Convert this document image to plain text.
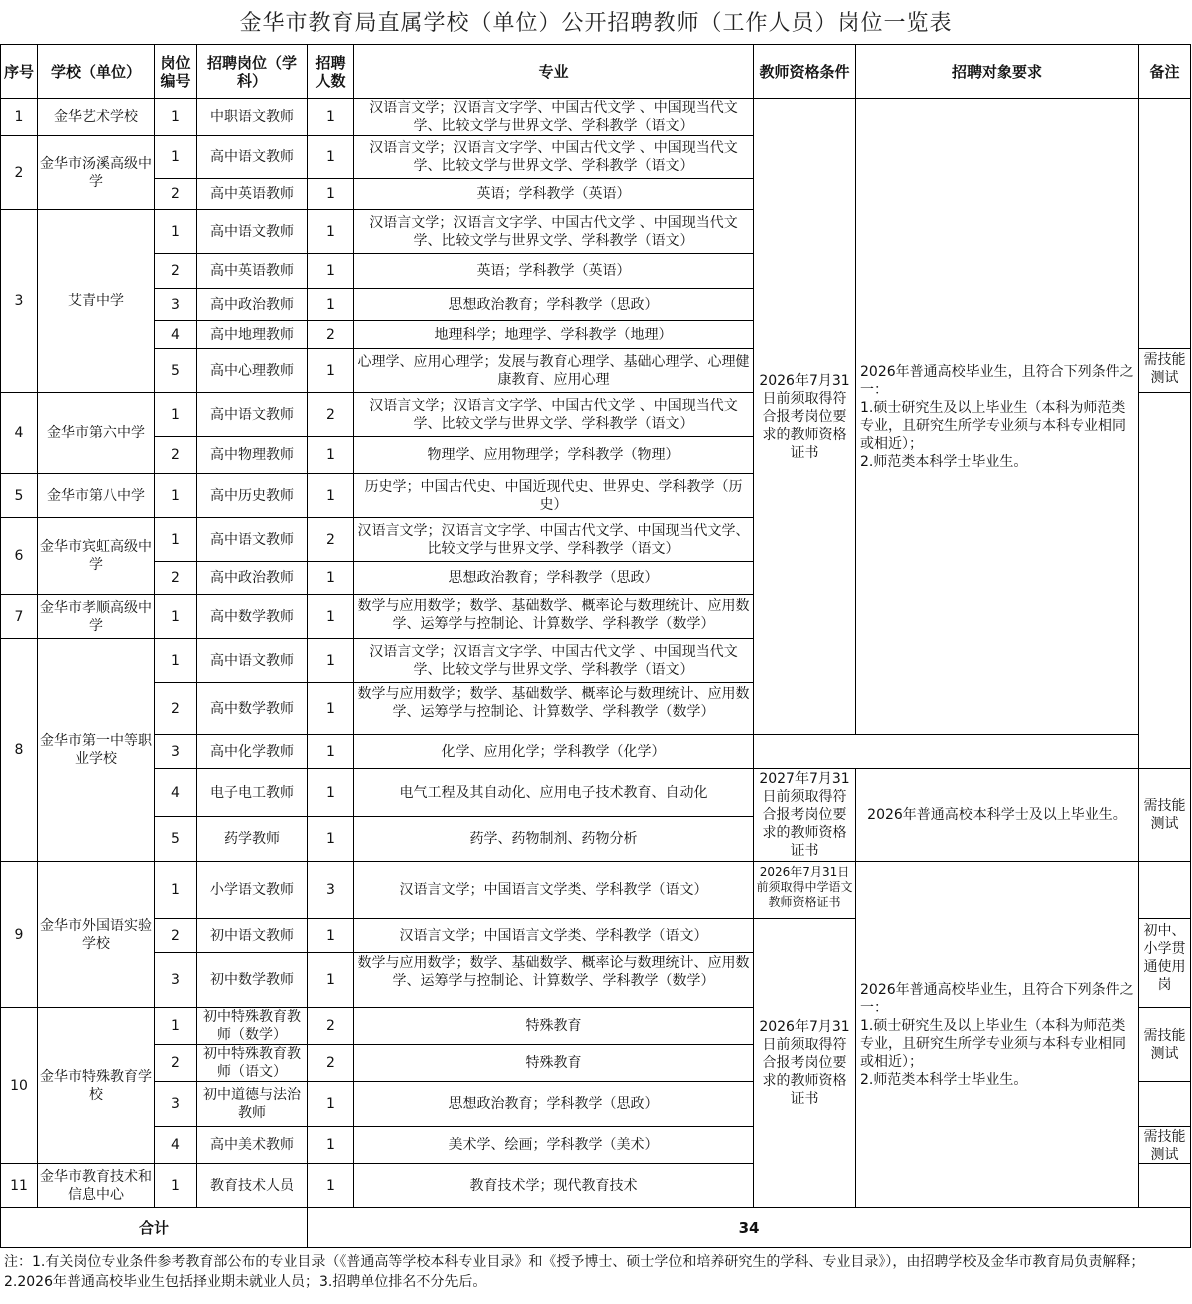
金华市教育局直属学校（单位）公开招聘教师（工作人员）岗位一览表
序号	学校（单位）	岗位编号	招聘岗位（学科）	招聘人数	专业	教师资格条件	招聘对象要求	备注
1	金华艺术学校	1	中职语文教师	1	汉语言文学；汉语言文字学、中国古代文学 、中国现当代文学、比较文学与世界文学、学科教学（语文）	2026年7月31日前须取得符合报考岗位要求的教师资格证书	2026年普通高校毕业生，且符合下列条件之一：
1.硕士研究生及以上毕业生（本科为师范类专业，且研究生所学专业须与本科专业相同或相近）；
2.师范类本科学士毕业生。	
2	金华市汤溪高级中学	1	高中语文教师	1	汉语言文学；汉语言文字学、中国古代文学 、中国现当代文学、比较文学与世界文学、学科教学（语文）			
		2	高中英语教师	1	英语；学科教学（英语）			
3	艾青中学	1	高中语文教师	1	汉语言文学；汉语言文字学、中国古代文学 、中国现当代文学、比较文学与世界文学、学科教学（语文）			
		2	高中英语教师	1	英语；学科教学（英语）			
		3	高中政治教师	1	思想政治教育；学科教学（思政）			
		4	高中地理教师	2	地理科学；地理学、学科教学（地理）			
		5	高中心理教师	1	心理学、应用心理学；发展与教育心理学、基础心理学、心理健康教育、应用心理			需技能测试

4	金华市第六中学	1	高中语文教师	2	汉语言文学；汉语言文字学、中国古代文学 、中国现当代文学、比较文学与世界文学、学科教学（语文）			
		2	高中物理教师	1	物理学、应用物理学；学科教学（物理）			
5	金华市第八中学	1	高中历史教师	1	历史学；中国古代史、中国近现代史、世界史、学科教学（历史）			
6	金华市宾虹高级中学	1	高中语文教师	2	汉语言文学；汉语言文字学、中国古代文学、中国现当代文学、比较文学与世界文学、学科教学（语文）			
		2	高中政治教师	1	思想政治教育；学科教学（思政）			
7	金华市孝顺高级中学	1	高中数学教师	1	数学与应用数学；数学、基础数学、概率论与数理统计、应用数学、运筹学与控制论、计算数学、学科教学（数学）			

8	金华市第一中等职业学校	1	高中语文教师	1	汉语言文学；汉语言文字学、中国古代文学 、中国现当代文学、比较文学与世界文学、学科教学（语文）			
		2	高中数学教师	1	数学与应用数学；数学、基础数学、概率论与数理统计、应用数学、运筹学与控制论、计算数学、学科教学（数学）			

		3	高中化学教师	1	化学、应用化学；学科教学（化学）			
		4	电子电工教师	1	电气工程及其自动化、应用电子技术教育、自动化	2027年7月31日前须取得符合报考岗位要求的教师资格证书	2026年普通高校本科学士及以上毕业生。	需技能测试
		5	药学教师	1	药学、药物制剂、药物分析			
9	金华市外国语实验学校	1	小学语文教师	3	汉语言文学；中国语言文学类、学科教学（语文）	2026年7月31日前须取得中学语文教师资格证书	2026年普通高校毕业生，且符合下列条件之一：
1.硕士研究生及以上毕业生（本科为师范类专业，且研究生所学专业须与本科专业相同或相近）；
2.师范类本科学士毕业生。	
		2	初中语文教师	1	汉语言文学；中国语言文学类、学科教学（语文）	2026年7月31日前须取得符合报考岗位要求的教师资格证书		初中、小学贯通使用岗

		3	初中数学教师	1	数学与应用数学；数学、基础数学、概率论与数理统计、应用数学、运筹学与控制论、计算数学、学科教学（数学）			

10	金华市特殊教育学校	1	初中特殊教育教师（数学）	2	特殊教育			需技能测试
		2	初中特殊教育教师（语文）	2	特殊教育			
		3	初中道德与法治教师	1	思想政治教育；学科教学（思政）			
		4	高中美术教师	1	美术学、绘画；学科教学（美术）			需技能测试

11	金华市教育技术和信息中心	1	教育技术人员	1	教育技术学；现代教育技术			
合计				34				
注：1.有关岗位专业条件参考教育部公布的专业目录（《普通高等学校本科专业目录》和《授予博士、硕士学位和培养研究生的学科、专业目录》），由招聘学校及金华市教育局负责解释；2.2026年普通高校毕业生包括择业期未就业人员；3.招聘单位排名不分先后。
